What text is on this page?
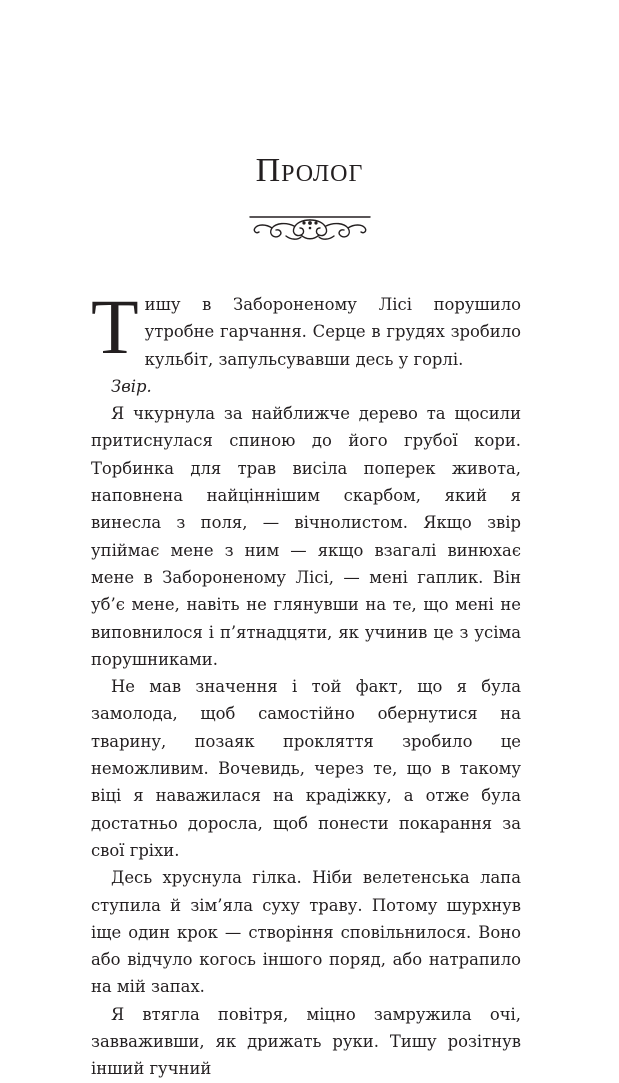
Пролог

Тишу в Забороненому Лісі порушило утробне гарчання. Серце в грудях зробило кульбіт, запульсувавши десь у горлі.

Звір.

Я чкурнула за найближче дерево та щосили притиснулася спиною до його грубої кори. Торбинка для трав висіла поперек живота, наповнена найціннішим скарбом, який я винесла з поля, — вічнолистом. Якщо звір упіймає мене з ним — якщо взагалі винюхає мене в Забороненому Лісі, — мені гаплик. Він уб’є мене, навіть не глянувши на те, що мені не виповнилося і п’ятнадцяти, як учинив це з усіма порушниками.

Не мав значення і той факт, що я була замолода, щоб самостійно обернутися на тварину, позаяк прокляття зробило це неможливим. Вочевидь, через те, що в такому віці я наважилася на крадіжку, а отже була достатньо доросла, щоб понести покарання за свої гріхи.

Десь хруснула гілка. Ніби велетенська лапа ступила й зім’яла суху траву. Потому шурхнув іще один крок — створіння сповільнилося. Воно або відчуло когось іншого поряд, або натрапило на мій запах.

Я втягла повітря, міцно замружила очі, завваживши, як дрижать руки. Тишу розітнув інший гучний
